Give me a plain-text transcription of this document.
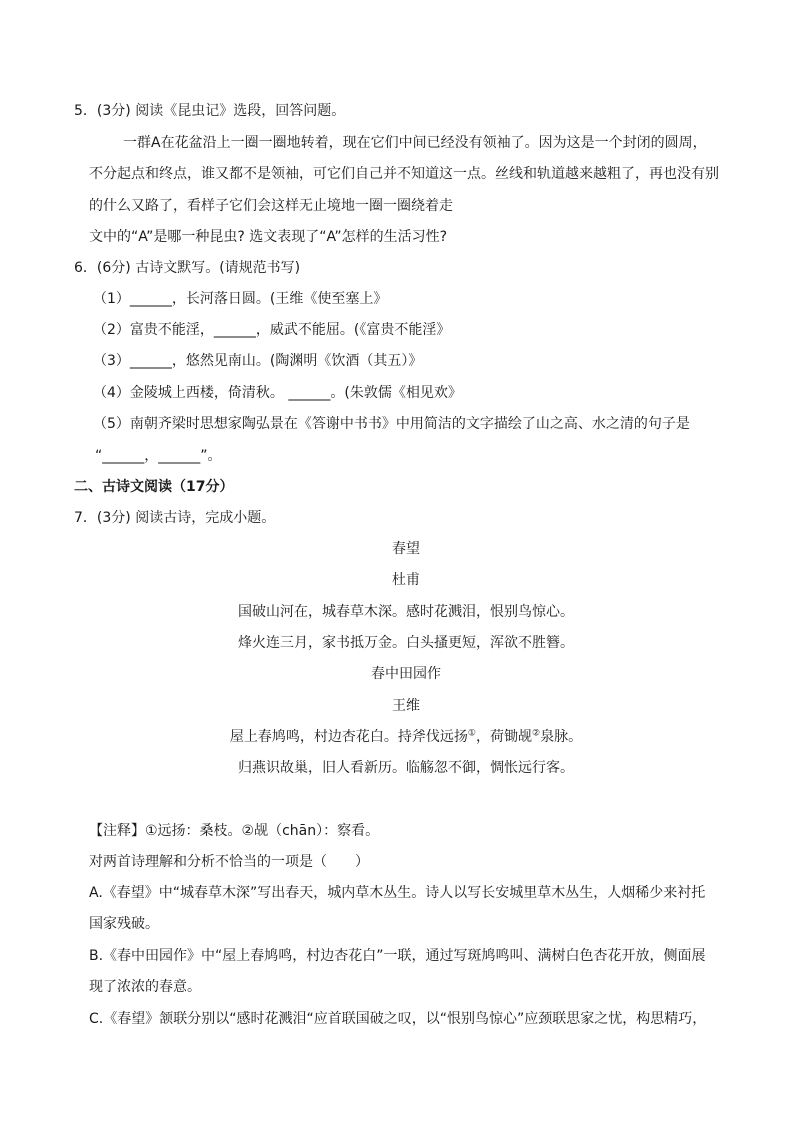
5．(3分) 阅读《昆虫记》选段，回答问题。
一群A在花盆沿上一圈一圈地转着，现在它们中间已经没有领袖了。因为这是一个封闭的圆周，
不分起点和终点，谁又都不是领袖，可它们自己并不知道这一点。丝线和轨道越来越粗了，再也没有别
的什么又路了，看样子它们会这样无止境地一圈一圈绕着走
文中的“A”是哪一种昆虫? 选文表现了“A”怎样的生活习性?
6．(6分) 古诗文默写。(请规范书写)
（1）______，长河落日圆。(王维《使至塞上》
（2）富贵不能淫，______，威武不能屈。(《富贵不能淫》
（3）______，悠然见南山。(陶渊明《饮酒（其五）》
（4）金陵城上西楼，倚清秋。 ______。(朱敦儒《相见欢》
（5）南朝齐梁时思想家陶弘景在《答谢中书书》中用简洁的文字描绘了山之高、水之清的句子是
“______，______”。
二、古诗文阅读（17分）
7．(3分) 阅读古诗，完成小题。
春望
杜甫
国破山河在，城春草木深。感时花溅泪，恨别鸟惊心。
烽火连三月，家书抵万金。白头搔更短，浑欲不胜簪。
春中田园作
王维
屋上春鸠鸣，村边杏花白。持斧伐远扬①，荷锄觇②泉脉。
归燕识故巢，旧人看新历。临觞忽不御，惆怅远行客。
【注释】①远扬：桑枝。②觇（chān）：察看。
对两首诗理解和分析不恰当的一项是（　　）
A.《春望》中“城春草木深”写出春天，城内草木丛生。诗人以写长安城里草木丛生，人烟稀少来衬托
国家残破。
B.《春中田园作》中“屋上春鸠鸣，村边杏花白”一联，通过写斑鸠鸣叫、满树白色杏花开放，侧面展
现了浓浓的春意。
C.《春望》颔联分别以“感时花溅泪“应首联国破之叹，以“恨别鸟惊心”应颈联思家之忧，构思精巧，
